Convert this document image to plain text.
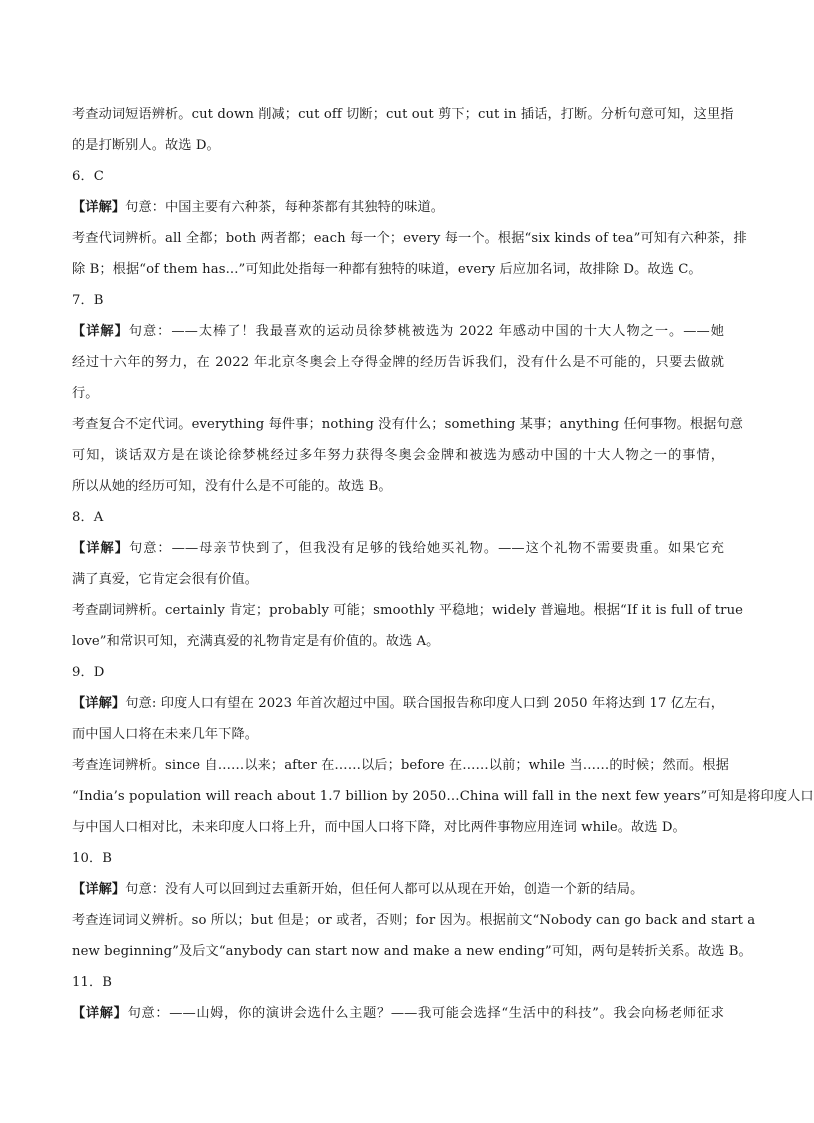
考查动词短语辨析。cut down 削减；cut off 切断；cut out 剪下；cut in 插话，打断。分析句意可知，这里指
的是打断别人。故选 D。
6．C
【详解】句意：中国主要有六种茶，每种茶都有其独特的味道。
考查代词辨析。all 全都；both 两者都；each 每一个；every 每一个。根据“six kinds of tea”可知有六种茶，排
除 B；根据“of them has...”可知此处指每一种都有独特的味道，every 后应加名词，故排除 D。故选 C。
7．B
【详解】句意：——太棒了！我最喜欢的运动员徐梦桃被选为 2022 年感动中国的十大人物之一。——她
经过十六年的努力，在 2022 年北京冬奥会上夺得金牌的经历告诉我们，没有什么是不可能的，只要去做就
行。
考查复合不定代词。everything 每件事；nothing 没有什么；something 某事；anything 任何事物。根据句意
可知，谈话双方是在谈论徐梦桃经过多年努力获得冬奥会金牌和被选为感动中国的十大人物之一的事情，
所以从她的经历可知，没有什么是不可能的。故选 B。
8．A
【详解】句意：——母亲节快到了，但我没有足够的钱给她买礼物。——这个礼物不需要贵重。如果它充
满了真爱，它肯定会很有价值。
考查副词辨析。certainly 肯定；probably 可能；smoothly 平稳地；widely 普遍地。根据“If it is full of true
love”和常识可知，充满真爱的礼物肯定是有价值的。故选 A。
9．D
【详解】句意: 印度人口有望在 2023 年首次超过中国。联合国报告称印度人口到 2050 年将达到 17 亿左右，
而中国人口将在未来几年下降。
考查连词辨析。since 自……以来；after 在……以后；before 在……以前；while 当……的时候；然而。根据
“India’s population will reach about 1.7 billion by 2050…China will fall in the next few years”可知是将印度人口
与中国人口相对比，未来印度人口将上升，而中国人口将下降，对比两件事物应用连词 while。故选 D。
10．B
【详解】句意：没有人可以回到过去重新开始，但任何人都可以从现在开始，创造一个新的结局。
考查连词词义辨析。so 所以；but 但是；or 或者，否则；for 因为。根据前文“Nobody can go back and start a
new beginning”及后文“anybody can start now and make a new ending”可知，两句是转折关系。故选 B。
11．B
【详解】句意：——山姆，你的演讲会选什么主题？——我可能会选择“生活中的科技”。我会向杨老师征求
